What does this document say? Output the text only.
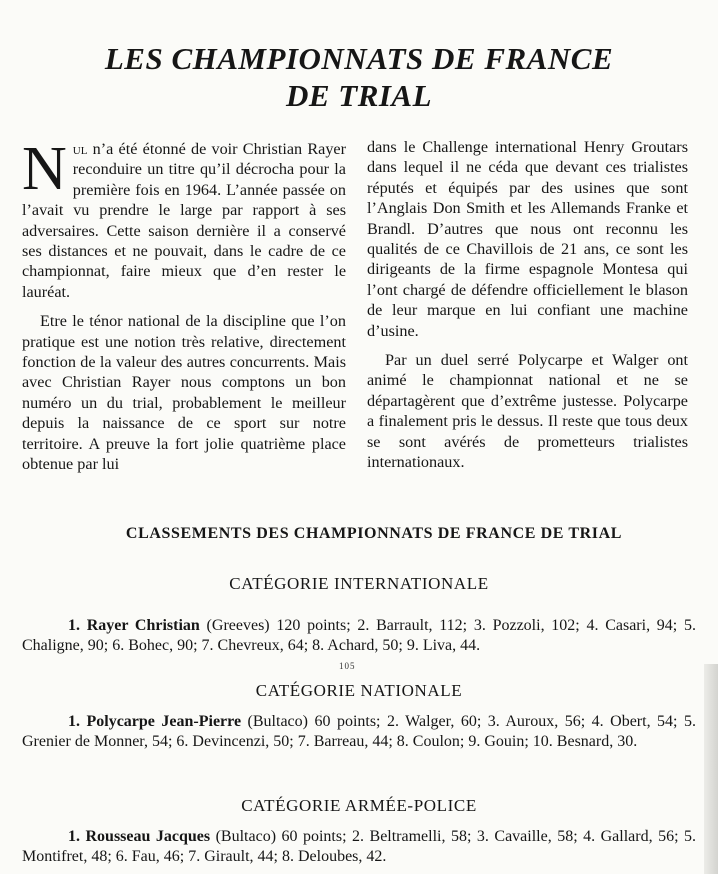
LES CHAMPIONNATS DE FRANCE
DE TRIAL

Nul n’a été étonné de voir Christian Rayer reconduire un titre qu’il décrocha pour la première fois en 1964. L’année passée on l’avait vu prendre le large par rapport à ses adversaires. Cette saison dernière il a conservé ses distances et ne pouvait, dans le cadre de ce championnat, faire mieux que d’en rester le lauréat.

Etre le ténor national de la discipline que l’on pratique est une notion très relative, directement fonction de la valeur des autres concurrents. Mais avec Christian Rayer nous comptons un bon numéro un du trial, probablement le meilleur depuis la naissance de ce sport sur notre territoire. A preuve la fort jolie quatrième place obtenue par lui

dans le Challenge international Henry Groutars dans lequel il ne céda que devant ces trialistes réputés et équipés par des usines que sont l’Anglais Don Smith et les Allemands Franke et Brandl. D’autres que nous ont reconnu les qualités de ce Chavillois de 21 ans, ce sont les dirigeants de la firme espagnole Montesa qui l’ont chargé de défendre officiellement le blason de leur marque en lui confiant une machine d’usine.

Par un duel serré Polycarpe et Walger ont animé le championnat national et ne se départagèrent que d’extrême justesse. Polycarpe a finalement pris le dessus. Il reste que tous deux se sont avérés de prometteurs trialistes internationaux.

CLASSEMENTS DES CHAMPIONNATS DE FRANCE DE TRIAL
CATÉGORIE INTERNATIONALE
1. Rayer Christian (Greeves) 120 points; 2. Barrault, 112; 3. Pozzoli, 102; 4. Casari, 94; 5. Chaligne, 90; 6. Bohec, 90; 7. Chevreux, 64; 8. Achard, 50; 9. Liva, 44.
105
CATÉGORIE NATIONALE
1. Polycarpe Jean-Pierre (Bultaco) 60 points; 2. Walger, 60; 3. Auroux, 56; 4. Obert, 54; 5. Grenier de Monner, 54; 6. Devincenzi, 50; 7. Barreau, 44; 8. Coulon; 9. Gouin; 10. Besnard, 30.
CATÉGORIE ARMÉE-POLICE
1. Rousseau Jacques (Bultaco) 60 points; 2. Beltramelli, 58; 3. Cavaille, 58; 4. Gallard, 56; 5. Montifret, 48; 6. Fau, 46; 7. Girault, 44; 8. Deloubes, 42.
